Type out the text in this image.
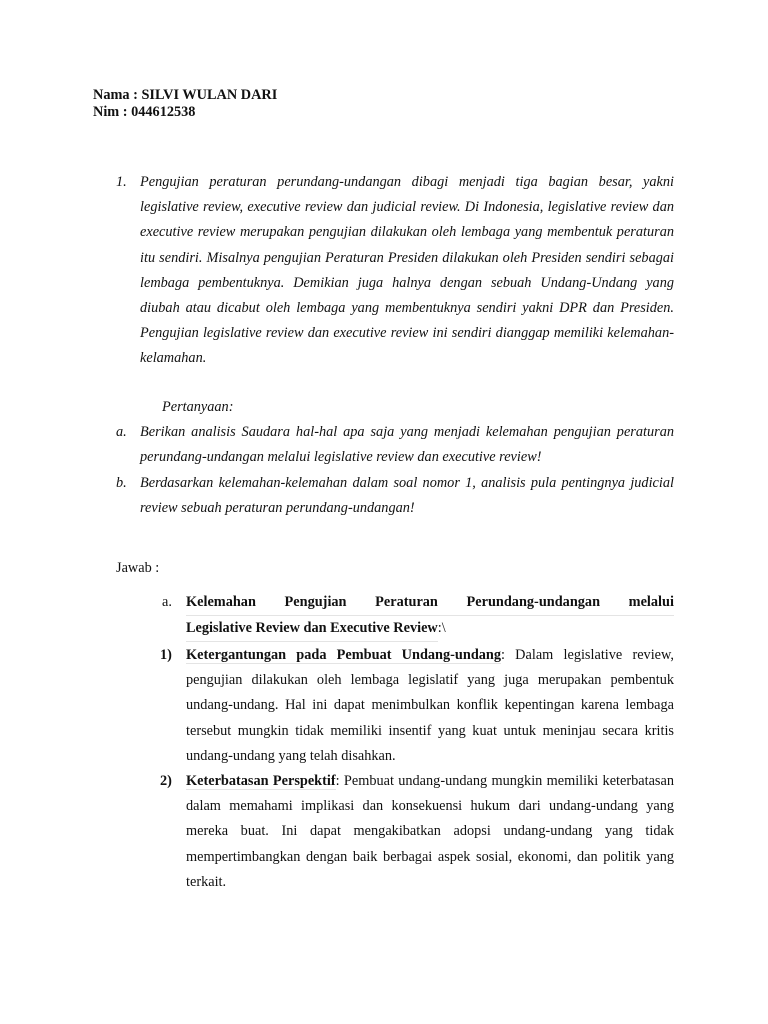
Nama : SILVI WULAN DARI
Nim : 044612538
1. Pengujian peraturan perundang-undangan dibagi menjadi tiga bagian besar, yakni legislative review, executive review dan judicial review. Di Indonesia, legislative review dan executive review merupakan pengujian dilakukan oleh lembaga yang membentuk peraturan itu sendiri. Misalnya pengujian Peraturan Presiden dilakukan oleh Presiden sendiri sebagai lembaga pembentuknya. Demikian juga halnya dengan sebuah Undang-Undang yang diubah atau dicabut oleh lembaga yang membentuknya sendiri yakni DPR dan Presiden. Pengujian legislative review dan executive review ini sendiri dianggap memiliki kelemahan-kelamahan.
Pertanyaan:
a. Berikan analisis Saudara hal-hal apa saja yang menjadi kelemahan pengujian peraturan perundang-undangan melalui legislative review dan executive review!
b. Berdasarkan kelemahan-kelemahan dalam soal nomor 1, analisis pula pentingnya judicial review sebuah peraturan perundang-undangan!
Jawab :
a. Kelemahan Pengujian Peraturan Perundang-undangan melalui
Legislative Review dan Executive Review:\
1) Ketergantungan pada Pembuat Undang-undang: Dalam legislative review, pengujian dilakukan oleh lembaga legislatif yang juga merupakan pembentuk undang-undang. Hal ini dapat menimbulkan konflik kepentingan karena lembaga tersebut mungkin tidak memiliki insentif yang kuat untuk meninjau secara kritis undang-undang yang telah disahkan.
2) Keterbatasan Perspektif: Pembuat undang-undang mungkin memiliki keterbatasan dalam memahami implikasi dan konsekuensi hukum dari undang-undang yang mereka buat. Ini dapat mengakibatkan adopsi undang-undang yang tidak mempertimbangkan dengan baik berbagai aspek sosial, ekonomi, dan politik yang terkait.
